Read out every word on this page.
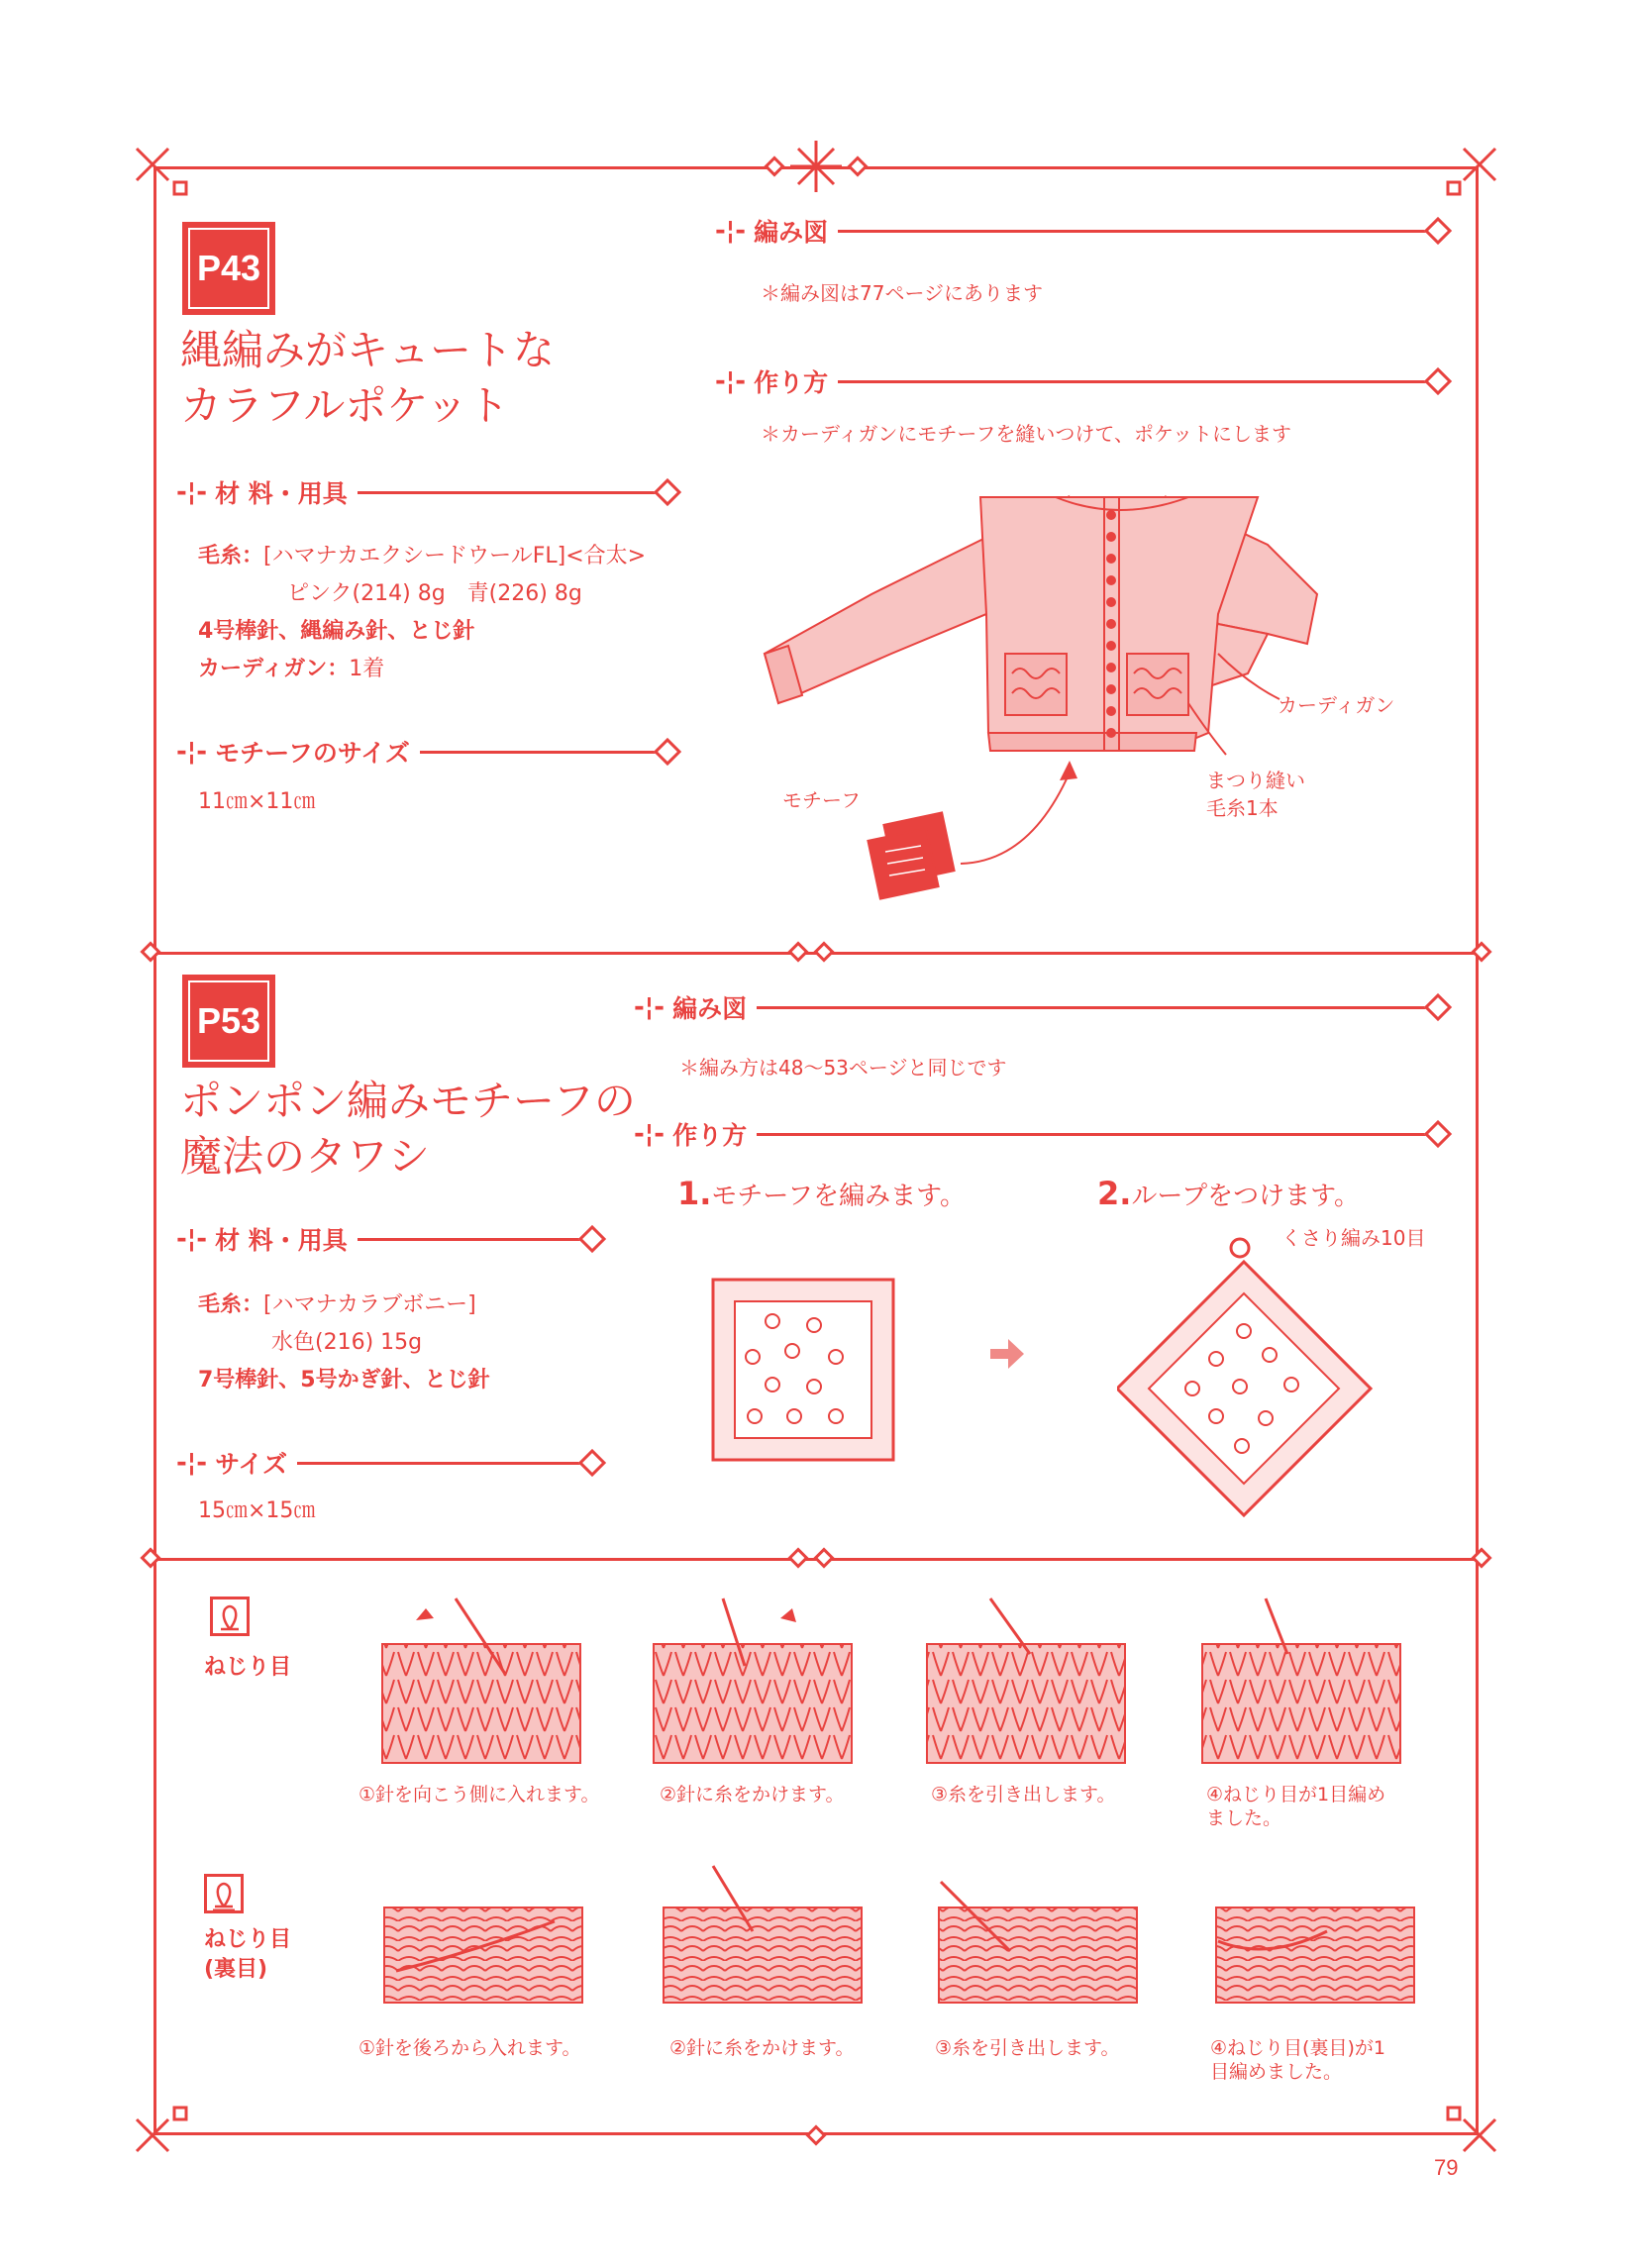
P43
縄編みがキュートな
カラフルポケット
-¦- 材 料・用具
毛糸：[ハマナカエクシードウールFL]<合太>
ピンク(214) 8g　青(226) 8g
4号棒針、縄編み針、とじ針
カーディガン：1着
-¦- モチーフのサイズ
11㎝×11㎝
-¦- 編み図
＊編み図は77ページにあります
-¦- 作り方
＊カーディガンにモチーフを縫いつけて、ポケットにします
カーディガン
まつり縫い
毛糸1本
モチーフ
P53
ポンポン編みモチーフの
魔法のタワシ
-¦- 材 料・用具
毛糸：[ハマナカラブボニー]
水色(216) 15g
7号棒針、5号かぎ針、とじ針
-¦- サイズ
15㎝×15㎝
-¦- 編み図
＊編み方は48〜53ページと同じです
-¦- 作り方
1.モチーフを編みます。	2.ループをつけます。
くさり編み10目
ねじり目
ねじり目
(裏目)
①針を向こう側に入れます。	②針に糸をかけます。	③糸を引き出します。	④ねじり目が1目編め
ました。
①針を後ろから入れます。	②針に糸をかけます。	③糸を引き出します。	④ねじり目(裏目)が1
目編めました。
79
